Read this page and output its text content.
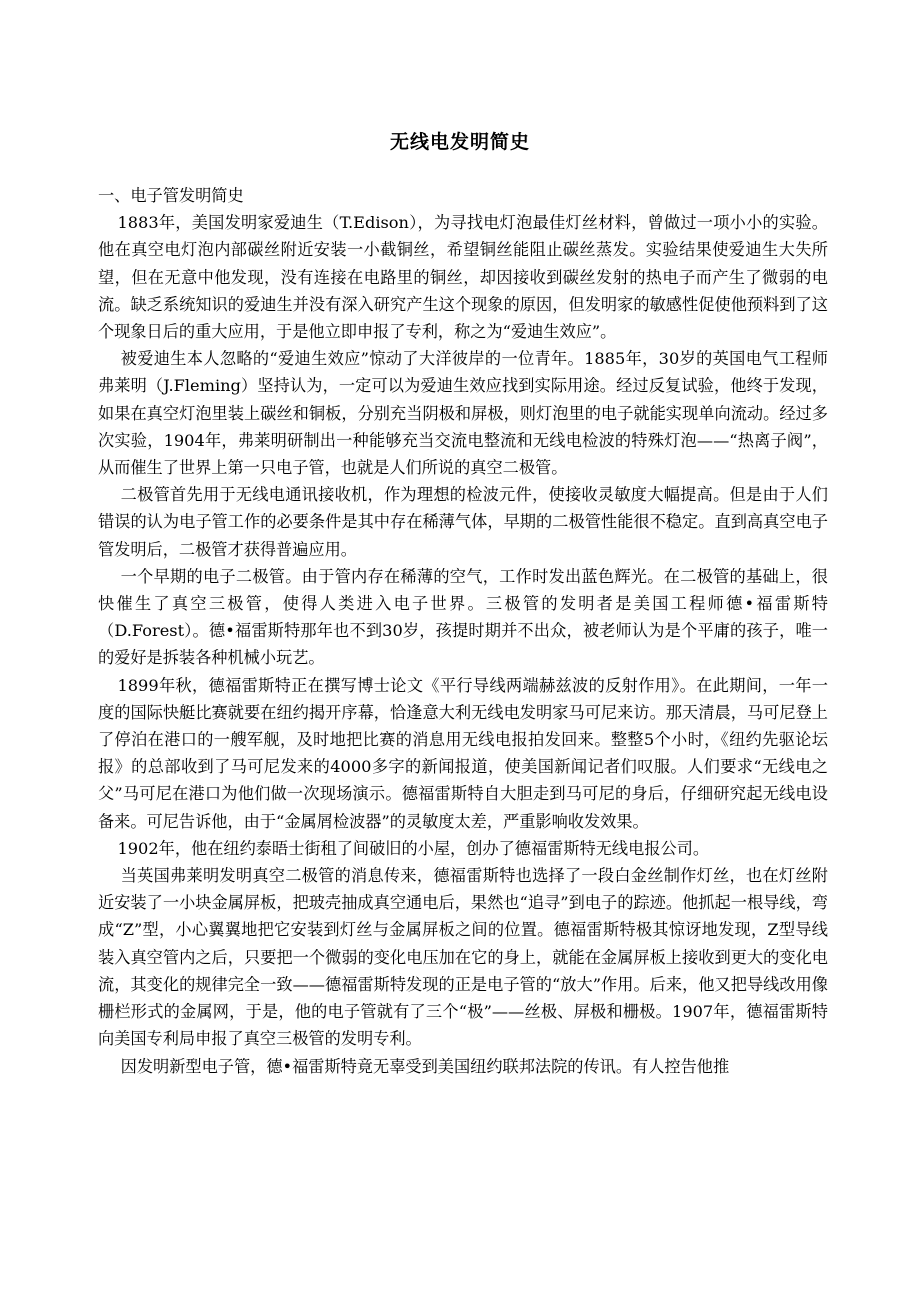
无线电发明简史

一、电子管发明简史

1883年，美国发明家爱迪生（T.Edison），为寻找电灯泡最佳灯丝材料，曾做过一项小小的实验。他在真空电灯泡内部碳丝附近安装一小截铜丝，希望铜丝能阻止碳丝蒸发。实验结果使爱迪生大失所望，但在无意中他发现，没有连接在电路里的铜丝，却因接收到碳丝发射的热电子而产生了微弱的电流。缺乏系统知识的爱迪生并没有深入研究产生这个现象的原因，但发明家的敏感性促使他预料到了这个现象日后的重大应用，于是他立即申报了专利，称之为“爱迪生效应”。

被爱迪生本人忽略的“爱迪生效应”惊动了大洋彼岸的一位青年。1885年，30岁的英国电气工程师弗莱明（J.Fleming）坚持认为，一定可以为爱迪生效应找到实际用途。经过反复试验，他终于发现，如果在真空灯泡里装上碳丝和铜板，分别充当阴极和屏极，则灯泡里的电子就能实现单向流动。经过多次实验，1904年，弗莱明研制出一种能够充当交流电整流和无线电检波的特殊灯泡——“热离子阀”，从而催生了世界上第一只电子管，也就是人们所说的真空二极管。

二极管首先用于无线电通讯接收机，作为理想的检波元件，使接收灵敏度大幅提高。但是由于人们错误的认为电子管工作的必要条件是其中存在稀薄气体，早期的二极管性能很不稳定。直到高真空电子管发明后，二极管才获得普遍应用。

一个早期的电子二极管。由于管内存在稀薄的空气，工作时发出蓝色辉光。在二极管的基础上，很快催生了真空三极管，使得人类进入电子世界。三极管的发明者是美国工程师德•福雷斯特（D.Forest）。德•福雷斯特那年也不到30岁，孩提时期并不出众，被老师认为是个平庸的孩子，唯一的爱好是拆装各种机械小玩艺。

1899年秋，德福雷斯特正在撰写博士论文《平行导线两端赫兹波的反射作用》。在此期间，一年一度的国际快艇比赛就要在纽约揭开序幕，恰逢意大利无线电发明家马可尼来访。那天清晨，马可尼登上了停泊在港口的一艘军舰，及时地把比赛的消息用无线电报拍发回来。整整5个小时，《纽约先驱论坛报》的总部收到了马可尼发来的4000多字的新闻报道，使美国新闻记者们叹服。人们要求“无线电之父”马可尼在港口为他们做一次现场演示。德福雷斯特自大胆走到马可尼的身后，仔细研究起无线电设备来。可尼告诉他，由于“金属屑检波器”的灵敏度太差，严重影响收发效果。

1902年，他在纽约泰晤士街租了间破旧的小屋，创办了德福雷斯特无线电报公司。

当英国弗莱明发明真空二极管的消息传来，德福雷斯特也选择了一段白金丝制作灯丝，也在灯丝附近安装了一小块金属屏板，把玻壳抽成真空通电后，果然也“追寻”到电子的踪迹。他抓起一根导线，弯成“Z”型，小心翼翼地把它安装到灯丝与金属屏板之间的位置。德福雷斯特极其惊讶地发现，Z型导线装入真空管内之后，只要把一个微弱的变化电压加在它的身上，就能在金属屏板上接收到更大的变化电流，其变化的规律完全一致——德福雷斯特发现的正是电子管的“放大”作用。后来，他又把导线改用像栅栏形式的金属网，于是，他的电子管就有了三个“极”——丝极、屏极和栅极。1907年，德福雷斯特向美国专利局申报了真空三极管的发明专利。

因发明新型电子管，德•福雷斯特竟无辜受到美国纽约联邦法院的传讯。有人控告他推
